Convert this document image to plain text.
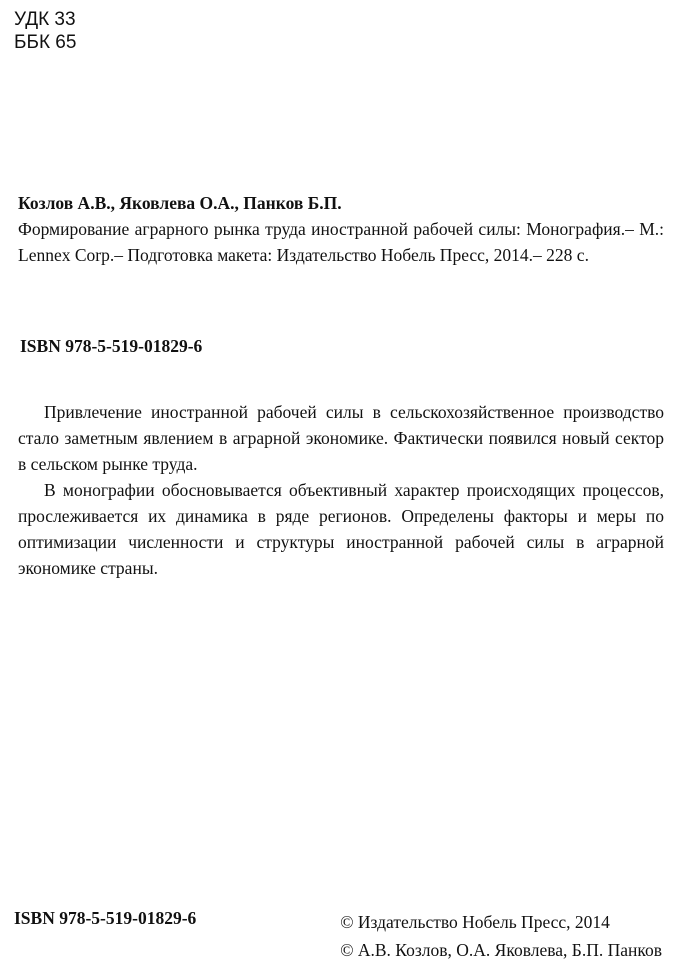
УДК 33
ББК 65
Козлов А.В., Яковлева О.А., Панков Б.П.
Формирование аграрного рынка труда иностранной рабочей силы: Монография.– М.: Lennex Corp.– Подготовка макета: Издательство Нобель Пресс, 2014.– 228 с.
ISBN 978-5-519-01829-6

Привлечение иностранной рабочей силы в сельскохозяйственное производство стало заметным явлением в аграрной экономике. Фактически появился новый сектор в сельском рынке труда.

В монографии обосновывается объективный характер происходящих процессов, прослеживается их динамика в ряде регионов. Определены факторы и меры по оптимизации численности и структуры иностранной рабочей силы в аграрной экономике страны.

ISBN 978-5-519-01829-6	© Издательство Нобель Пресс, 2014
© А.В. Козлов, О.А. Яковлева, Б.П. Панков
